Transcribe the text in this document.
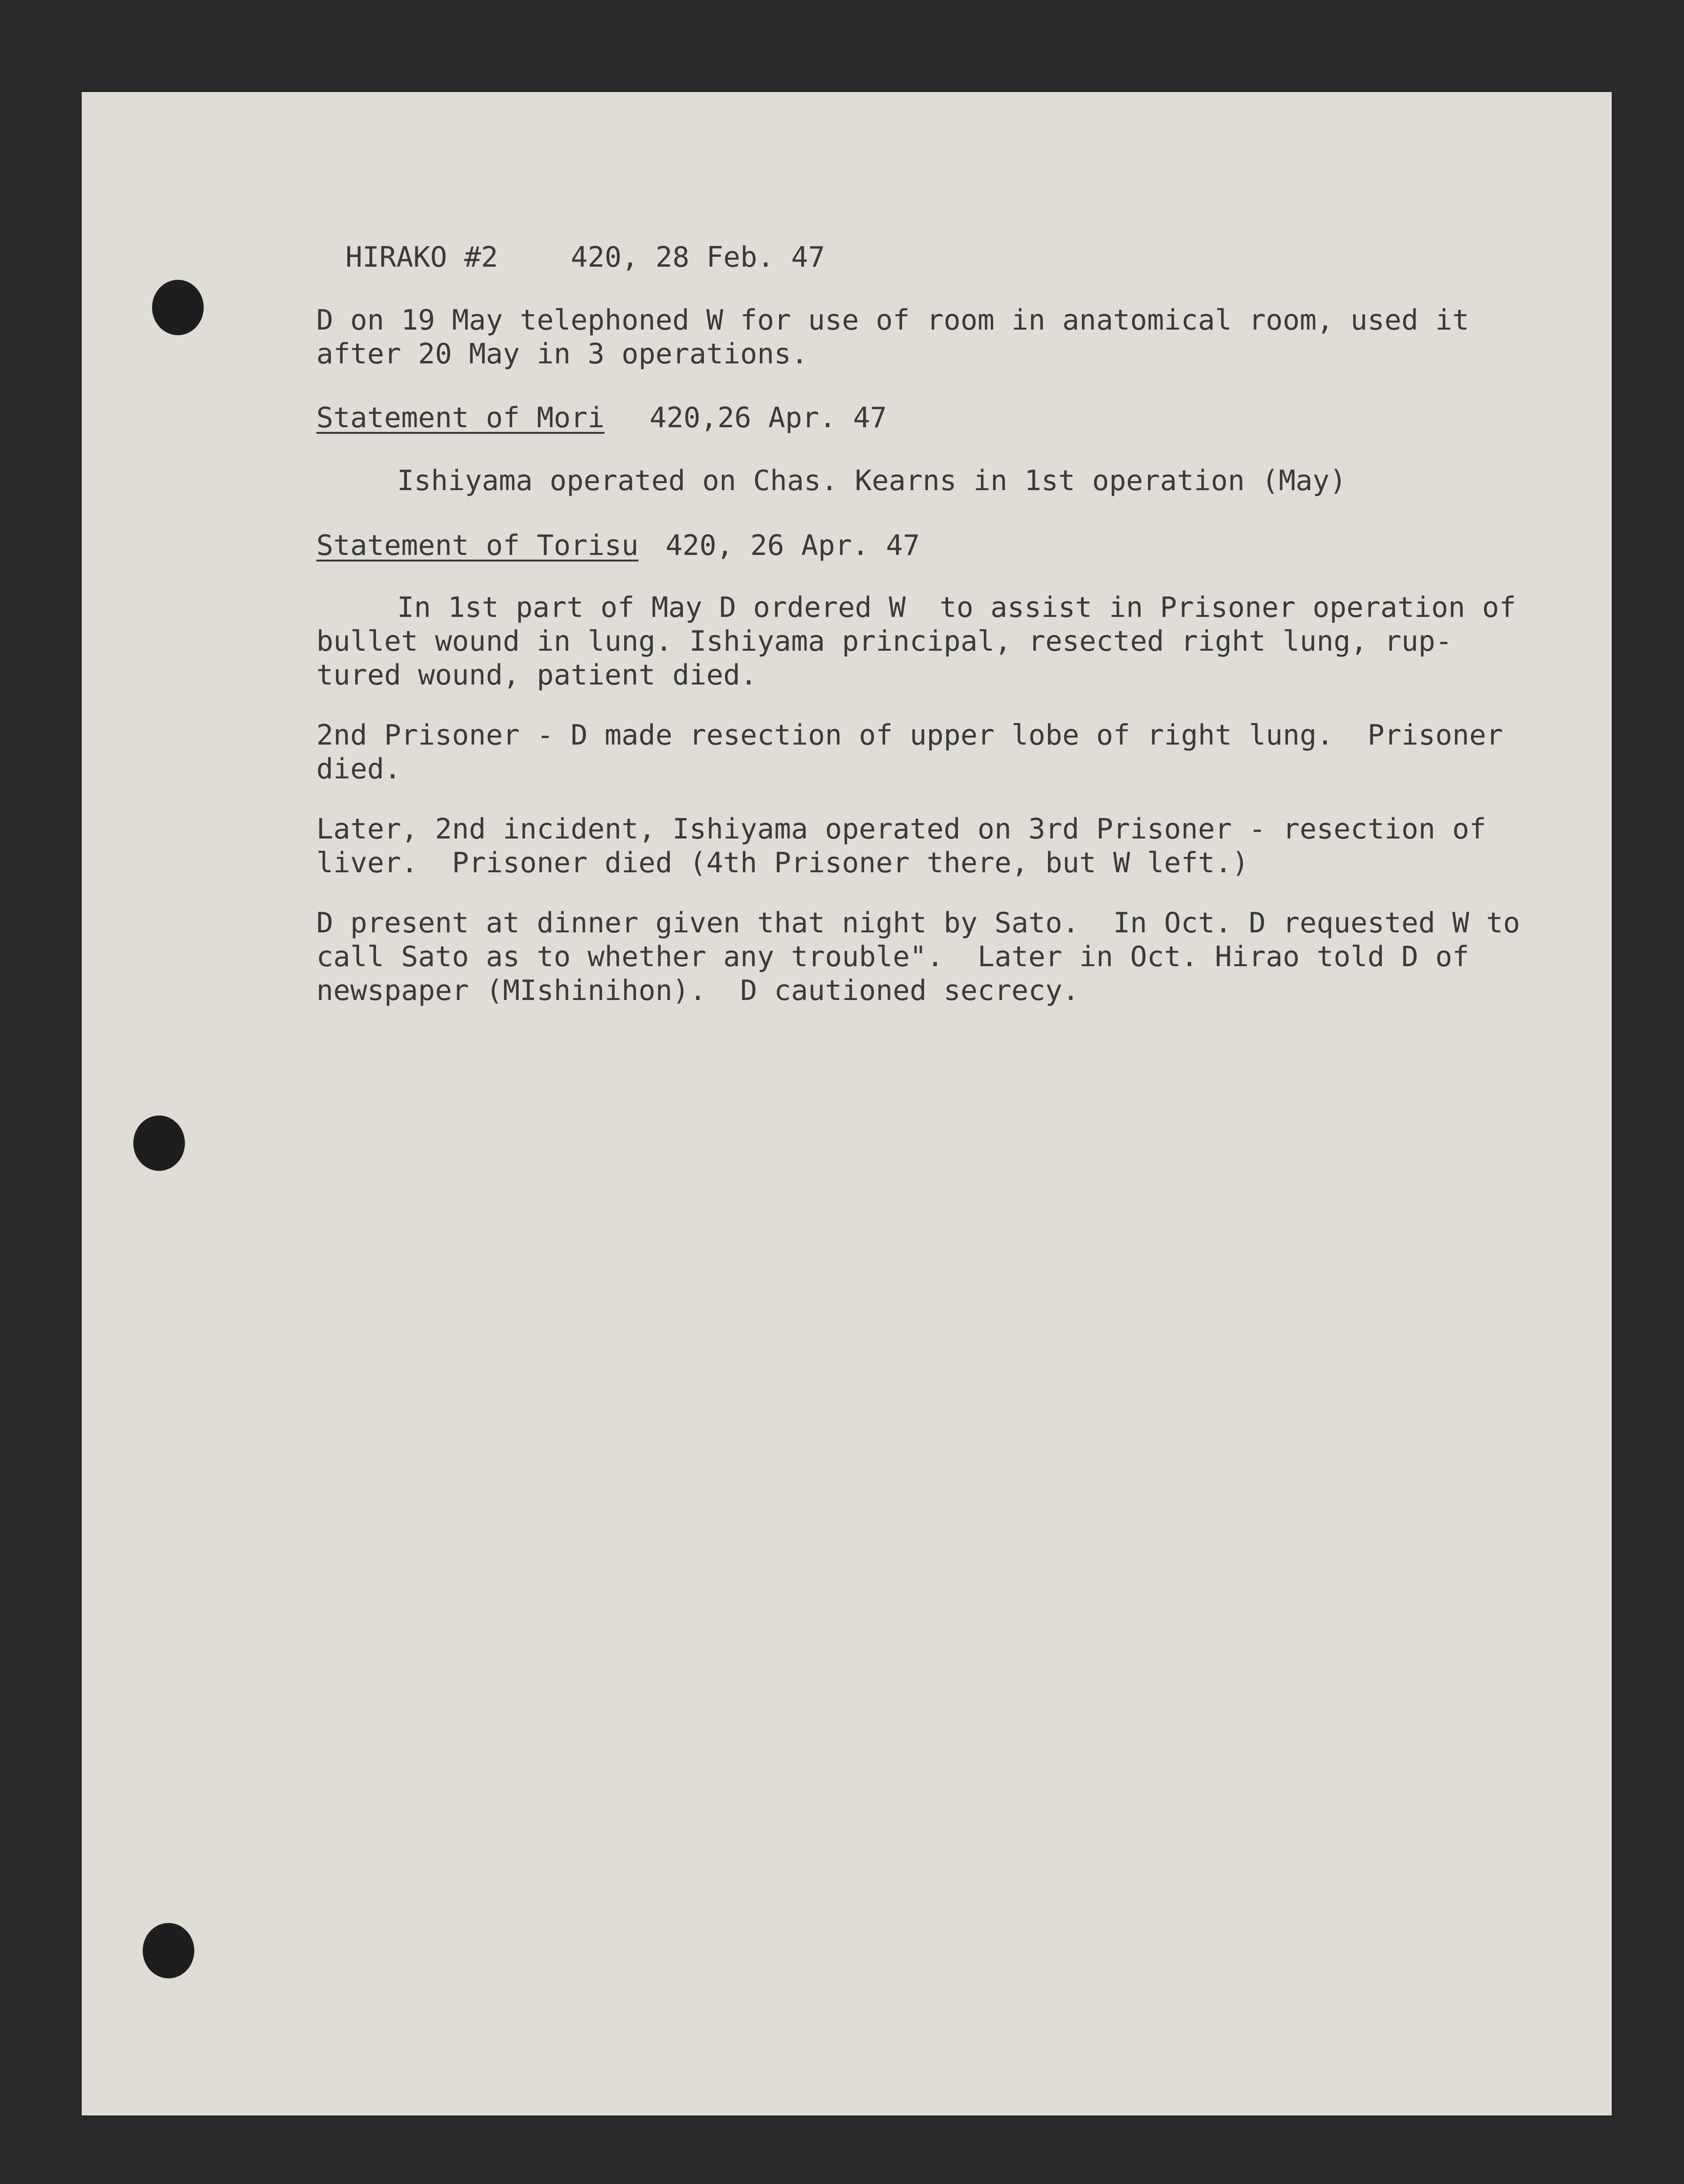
HIRAKO #2	420, 28 Feb. 47
D on 19 May telephoned W for use of room in anatomical room, used it
after 20 May in 3 operations.
Statement of Mori 420,26 Apr. 47
Ishiyama operated on Chas. Kearns in 1st operation (May)
Statement of Torisu 420, 26 Apr. 47
In 1st part of May D ordered W  to assist in Prisoner operation of
bullet wound in lung. Ishiyama principal, resected right lung, rup-
tured wound, patient died.
2nd Prisoner - D made resection of upper lobe of right lung.  Prisoner
died.
Later, 2nd incident, Ishiyama operated on 3rd Prisoner - resection of
liver.  Prisoner died (4th Prisoner there, but W left.)
D present at dinner given that night by Sato.  In Oct. D requested W to
call Sato as to whether any trouble".  Later in Oct. Hirao told D of
newspaper (MIshinihon).  D cautioned secrecy.
